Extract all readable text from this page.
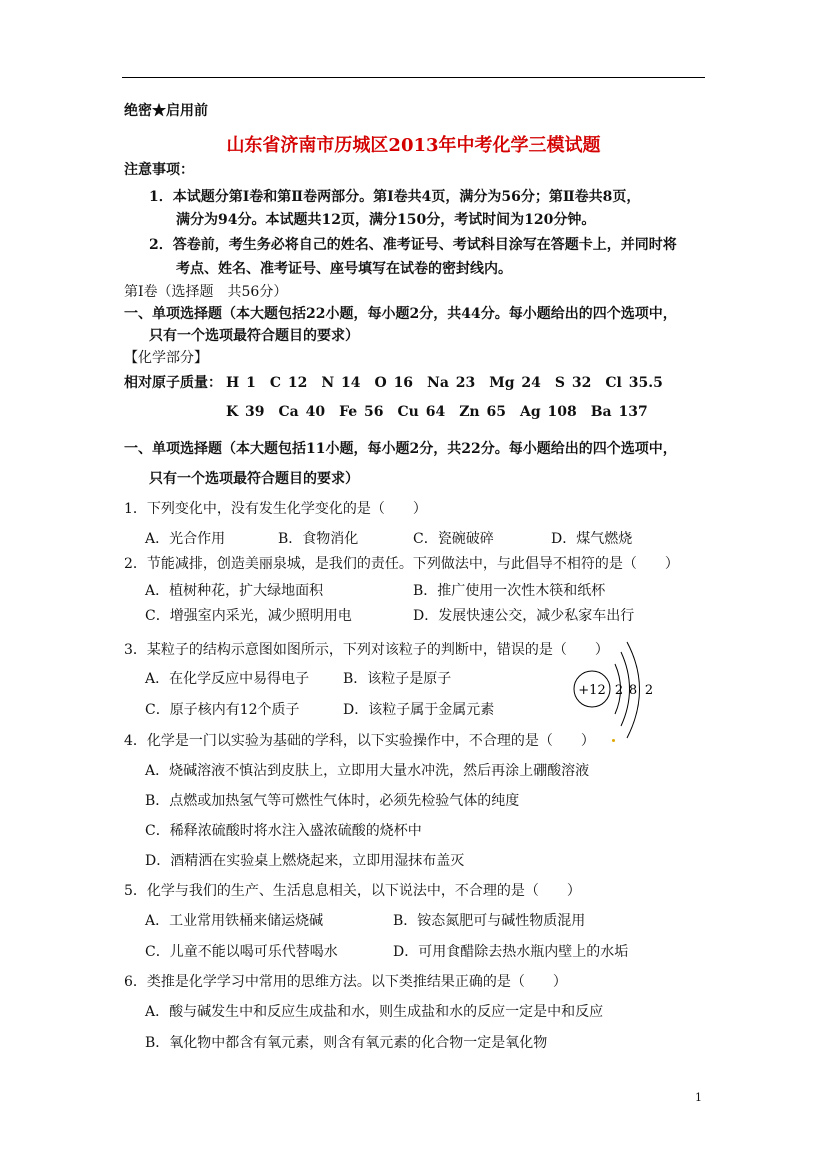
绝密★启用前
山东省济南市历城区2013年中考化学三模试题
注意事项：
1．本试题分第Ⅰ卷和第Ⅱ卷两部分。第Ⅰ卷共4页，满分为56分；第Ⅱ卷共8页，
满分为94分。本试题共12页，满分150分，考试时间为120分钟。
2．答卷前，考生务必将自己的姓名、准考证号、考试科目涂写在答题卡上，并同时将
考点、姓名、准考证号、座号填写在试卷的密封线内。
第Ⅰ卷（选择题　共56分）
一、单项选择题（本大题包括22小题，每小题2分，共44分。每小题给出的四个选项中，
只有一个选项最符合题目的要求）
【化学部分】
相对原子质量： H 1　C 12　N 14　O 16　Na 23　Mg 24　S 32　Cl 35.5
K 39　Ca 40　Fe 56　Cu 64　Zn 65　Ag 108　Ba 137
一、单项选择题（本大题包括11小题，每小题2分，共22分。每小题给出的四个选项中，
只有一个选项最符合题目的要求）
1．下列变化中，没有发生化学变化的是（　　）
A．光合作用	B．食物消化	C．瓷碗破碎	D．煤气燃烧
2．节能减排，创造美丽泉城，是我们的责任。下列做法中，与此倡导不相符的是（　　）
A．植树种花，扩大绿地面积	B．推广使用一次性木筷和纸杯
C．增强室内采光，减少照明用电	D．发展快速公交，减少私家车出行
3．某粒子的结构示意图如图所示，下列对该粒子的判断中，错误的是（　　）
A．在化学反应中易得电子 B．该粒子是原子
C．原子核内有12个质子	D．该粒子属于金属元素
+12 2 8 2
4．化学是一门以实验为基础的学科，以下实验操作中，不合理的是（　　）
A．烧碱溶液不慎沾到皮肤上，立即用大量水冲洗，然后再涂上硼酸溶液
B．点燃或加热氢气等可燃性气体时，必须先检验气体的纯度
C．稀释浓硫酸时将水注入盛浓硫酸的烧杯中
D．酒精洒在实验桌上燃烧起来，立即用湿抹布盖灭
5．化学与我们的生产、生活息息相关，以下说法中，不合理的是（　　）
A．工业常用铁桶来储运烧碱	B．铵态氮肥可与碱性物质混用
C．儿童不能以喝可乐代替喝水	D．可用食醋除去热水瓶内壁上的水垢
6．类推是化学学习中常用的思维方法。以下类推结果正确的是（　　）
A．酸与碱发生中和反应生成盐和水，则生成盐和水的反应一定是中和反应
B．氧化物中都含有氧元素，则含有氧元素的化合物一定是氧化物
1
